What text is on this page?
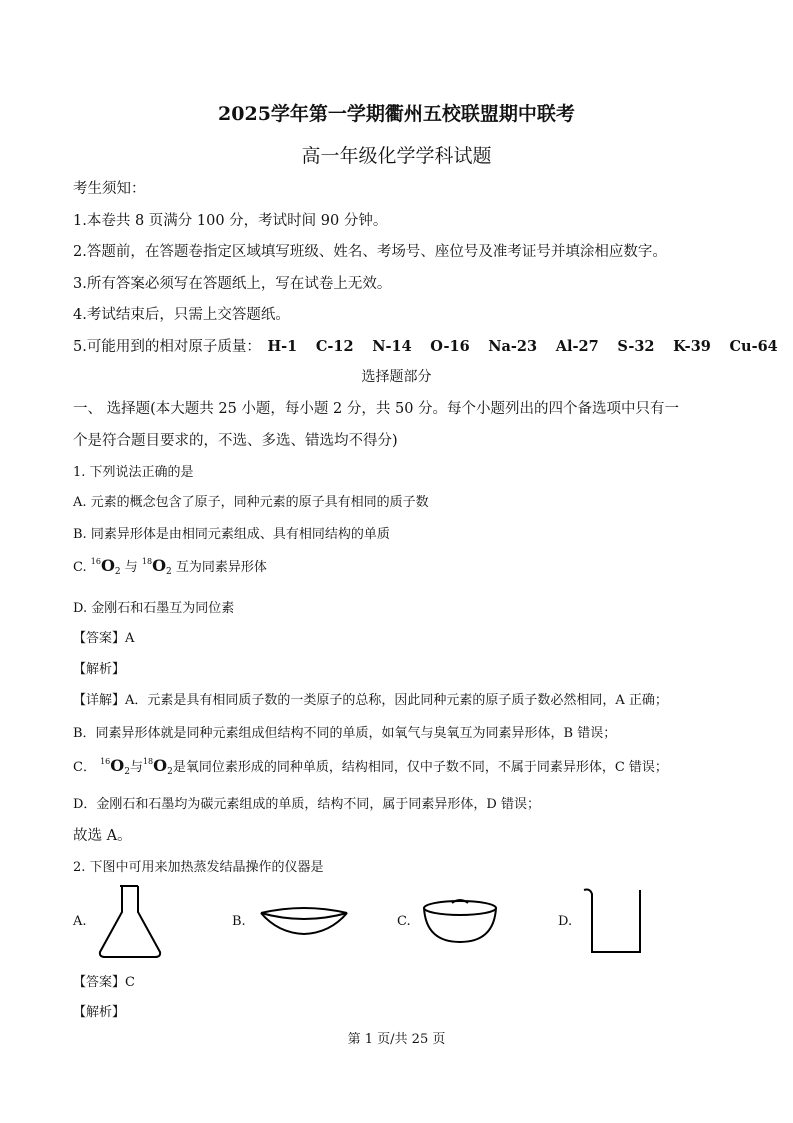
2025学年第一学期衢州五校联盟期中联考
高一年级化学学科试题
考生须知：
1.本卷共 8 页满分 100 分，考试时间 90 分钟。
2.答题前，在答题卷指定区域填写班级、姓名、考场号、座位号及准考证号并填涂相应数字。
3.所有答案必须写在答题纸上，写在试卷上无效。
4.考试结束后，只需上交答题纸。
5.可能用到的相对原子质量： H-1 C-12 N-14 O-16 Na-23 Al-27 S-32 K-39 Cu-64
选择题部分
一、 选择题(本大题共 25 小题，每小题 2 分，共 50 分。每个小题列出的四个备选项中只有一
个是符合题目要求的，不选、多选、错选均不得分)
1. 下列说法正确的是
A. 元素的概念包含了原子，同种元素的原子具有相同的质子数
B. 同素异形体是由相同元素组成、具有相同结构的单质
C. $^{16}O_2$ 与 $^{18}O_2$ 互为同素异形体
D. 金刚石和石墨互为同位素
【答案】A
【解析】
【详解】A．元素是具有相同质子数的一类原子的总称，因此同种元素的原子质子数必然相同，A 正确；
B．同素异形体就是同种元素组成但结构不同的单质，如氧气与臭氧互为同素异形体，B 错误；
C． $^{16}O_2$与$^{18}O_2$是氧同位素形成的同种单质，结构相同，仅中子数不同，不属于同素异形体，C 错误；
D．金刚石和石墨均为碳元素组成的单质，结构不同，属于同素异形体，D 错误；
故选 A。
2. 下图中可用来加热蒸发结晶操作的仪器是
A.	B.	C.	D.
【答案】C
【解析】
第 1 页/共 25 页
